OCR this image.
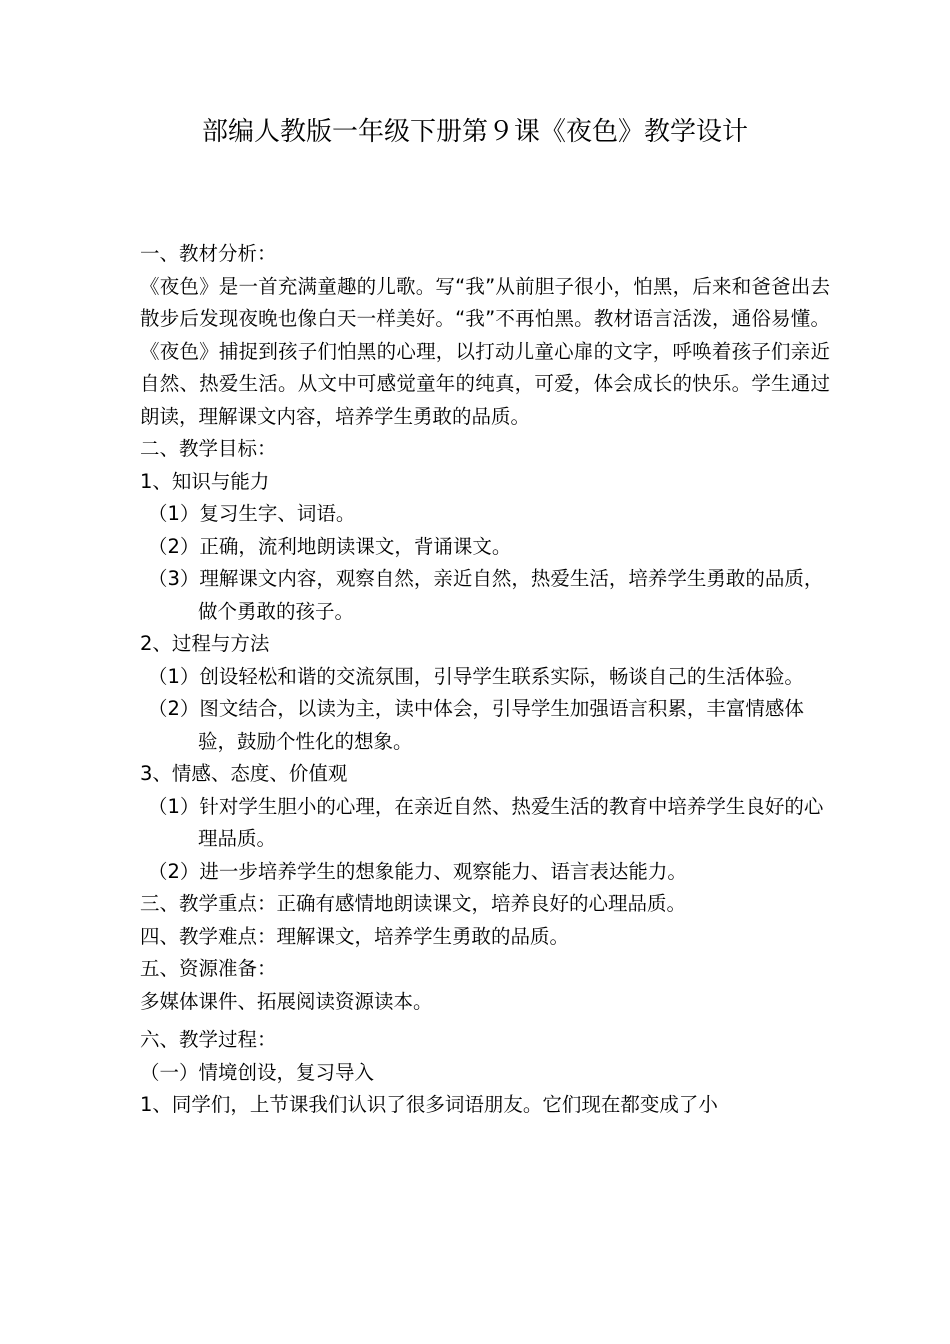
部编人教版一年级下册第９课《夜色》教学设计

一、教材分析：

《夜色》是一首充满童趣的儿歌。写“我”从前胆子很小，怕黑，后来和爸爸出去散步后发现夜晚也像白天一样美好。“我”不再怕黑。教材语言活泼，通俗易懂。《夜色》捕捉到孩子们怕黑的心理，以打动儿童心扉的文字，呼唤着孩子们亲近自然、热爱生活。从文中可感觉童年的纯真，可爱，体会成长的快乐。学生通过朗读，理解课文内容，培养学生勇敢的品质。

二、教学目标：

1、知识与能力

（1）复习生字、词语。

（2）正确，流利地朗读课文，背诵课文。

（3）理解课文内容，观察自然，亲近自然，热爱生活，培养学生勇敢的品质，做个勇敢的孩子。

2、过程与方法

（1）创设轻松和谐的交流氛围，引导学生联系实际，畅谈自己的生活体验。

（2）图文结合，以读为主，读中体会，引导学生加强语言积累，丰富情感体验，鼓励个性化的想象。

3、情感、态度、价值观

（1）针对学生胆小的心理，在亲近自然、热爱生活的教育中培养学生良好的心理品质。

（2）进一步培养学生的想象能力、观察能力、语言表达能力。

三、教学重点：正确有感情地朗读课文，培养良好的心理品质。

四、教学难点：理解课文，培养学生勇敢的品质。

五、资源准备：

多媒体课件、拓展阅读资源读本。

六、教学过程：

（一）情境创设，复习导入

1、同学们，上节课我们认识了很多词语朋友。它们现在都变成了小
